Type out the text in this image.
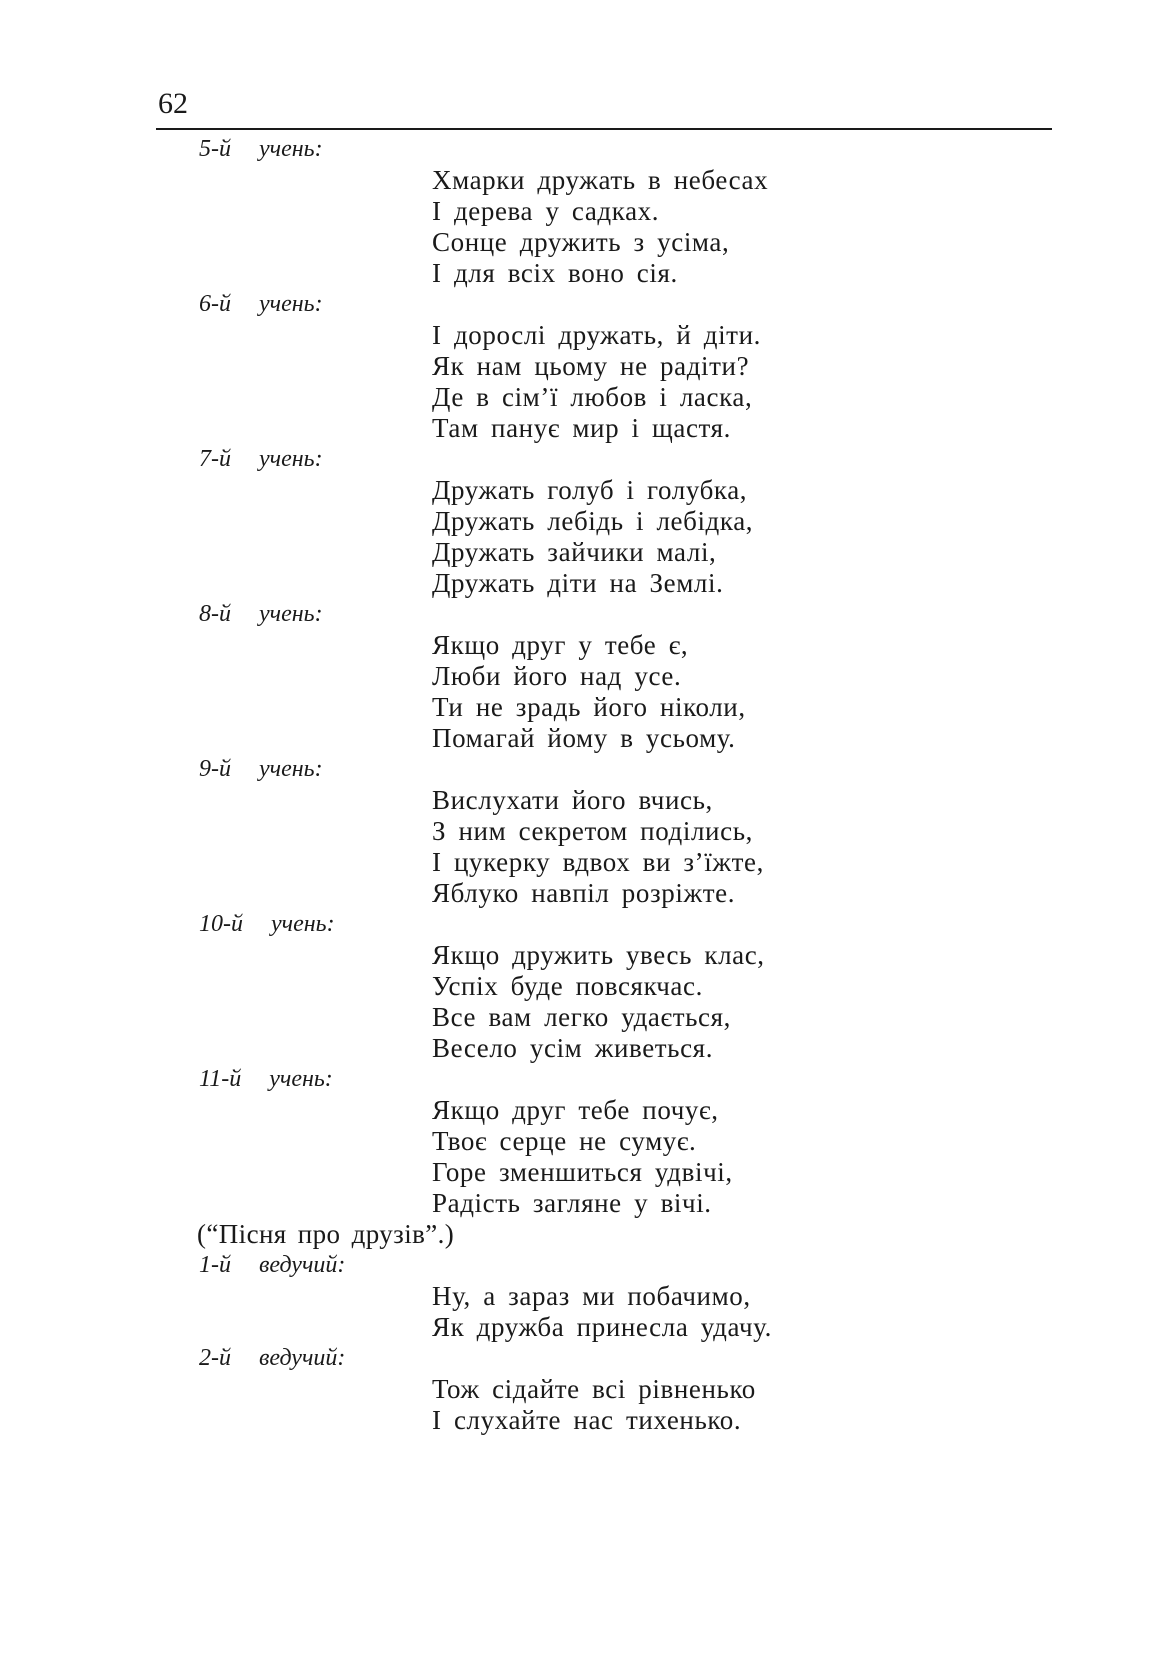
62
5-й  учень:
Хмарки дружать в небесах
І дерева у садках.
Сонце дружить з усіма,
І для всіх воно сія.
6-й  учень:
І дорослі дружать, й діти.
Як нам цьому не радіти?
Де в сім’ї любов і ласка,
Там панує мир і щастя.
7-й  учень:
Дружать голуб і голубка,
Дружать лебідь і лебідка,
Дружать зайчики малі,
Дружать діти на Землі.
8-й  учень:
Якщо друг у тебе є,
Люби його над усе.
Ти не зрадь його ніколи,
Помагай йому в усьому.
9-й  учень:
Вислухати його вчись,
З ним секретом поділись,
І цукерку вдвох ви з’їжте,
Яблуко навпіл розріжте.
10-й  учень:
Якщо дружить увесь клас,
Успіх буде повсякчас.
Все вам легко удається,
Весело усім живеться.
11-й  учень:
Якщо друг тебе почує,
Твоє серце не сумує.
Горе зменшиться удвічі,
Радість загляне у вічі.
(“Пісня про друзів”.)
1-й  ведучий:
Ну, а зараз ми побачимо,
Як дружба принесла удачу.
2-й  ведучий:
Тож сідайте всі рівненько
І слухайте нас тихенько.
